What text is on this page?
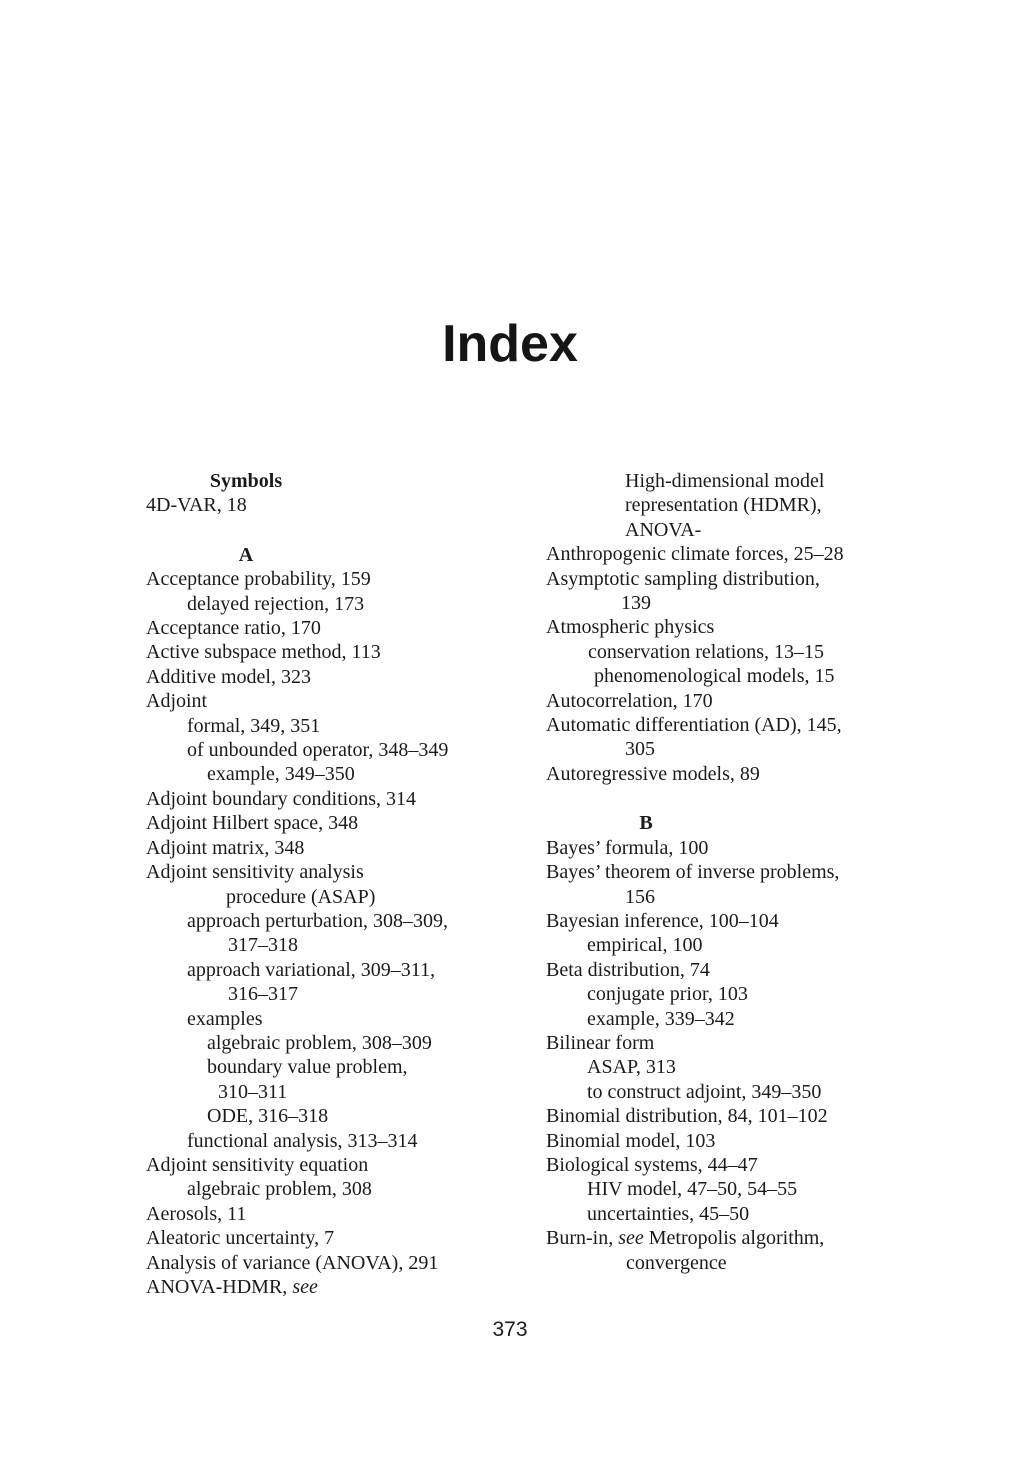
Index
Symbols
4D-VAR, 18
A
Acceptance probability, 159
delayed rejection, 173
Acceptance ratio, 170
Active subspace method, 113
Additive model, 323
Adjoint
formal, 349, 351
of unbounded operator, 348–349
example, 349–350
Adjoint boundary conditions, 314
Adjoint Hilbert space, 348
Adjoint matrix, 348
Adjoint sensitivity analysis
procedure (ASAP)
approach perturbation, 308–309,
317–318
approach variational, 309–311,
316–317
examples
algebraic problem, 308–309
boundary value problem,
310–311
ODE, 316–318
functional analysis, 313–314
Adjoint sensitivity equation
algebraic problem, 308
Aerosols, 11
Aleatoric uncertainty, 7
Analysis of variance (ANOVA), 291
ANOVA-HDMR, see
High-dimensional model
representation (HDMR),
ANOVA-
Anthropogenic climate forces, 25–28
Asymptotic sampling distribution,
139
Atmospheric physics
conservation relations, 13–15
phenomenological models, 15
Autocorrelation, 170
Automatic differentiation (AD), 145,
305
Autoregressive models, 89
B
Bayes’ formula, 100
Bayes’ theorem of inverse problems,
156
Bayesian inference, 100–104
empirical, 100
Beta distribution, 74
conjugate prior, 103
example, 339–342
Bilinear form
ASAP, 313
to construct adjoint, 349–350
Binomial distribution, 84, 101–102
Binomial model, 103
Biological systems, 44–47
HIV model, 47–50, 54–55
uncertainties, 45–50
Burn-in, see Metropolis algorithm,
convergence
373
